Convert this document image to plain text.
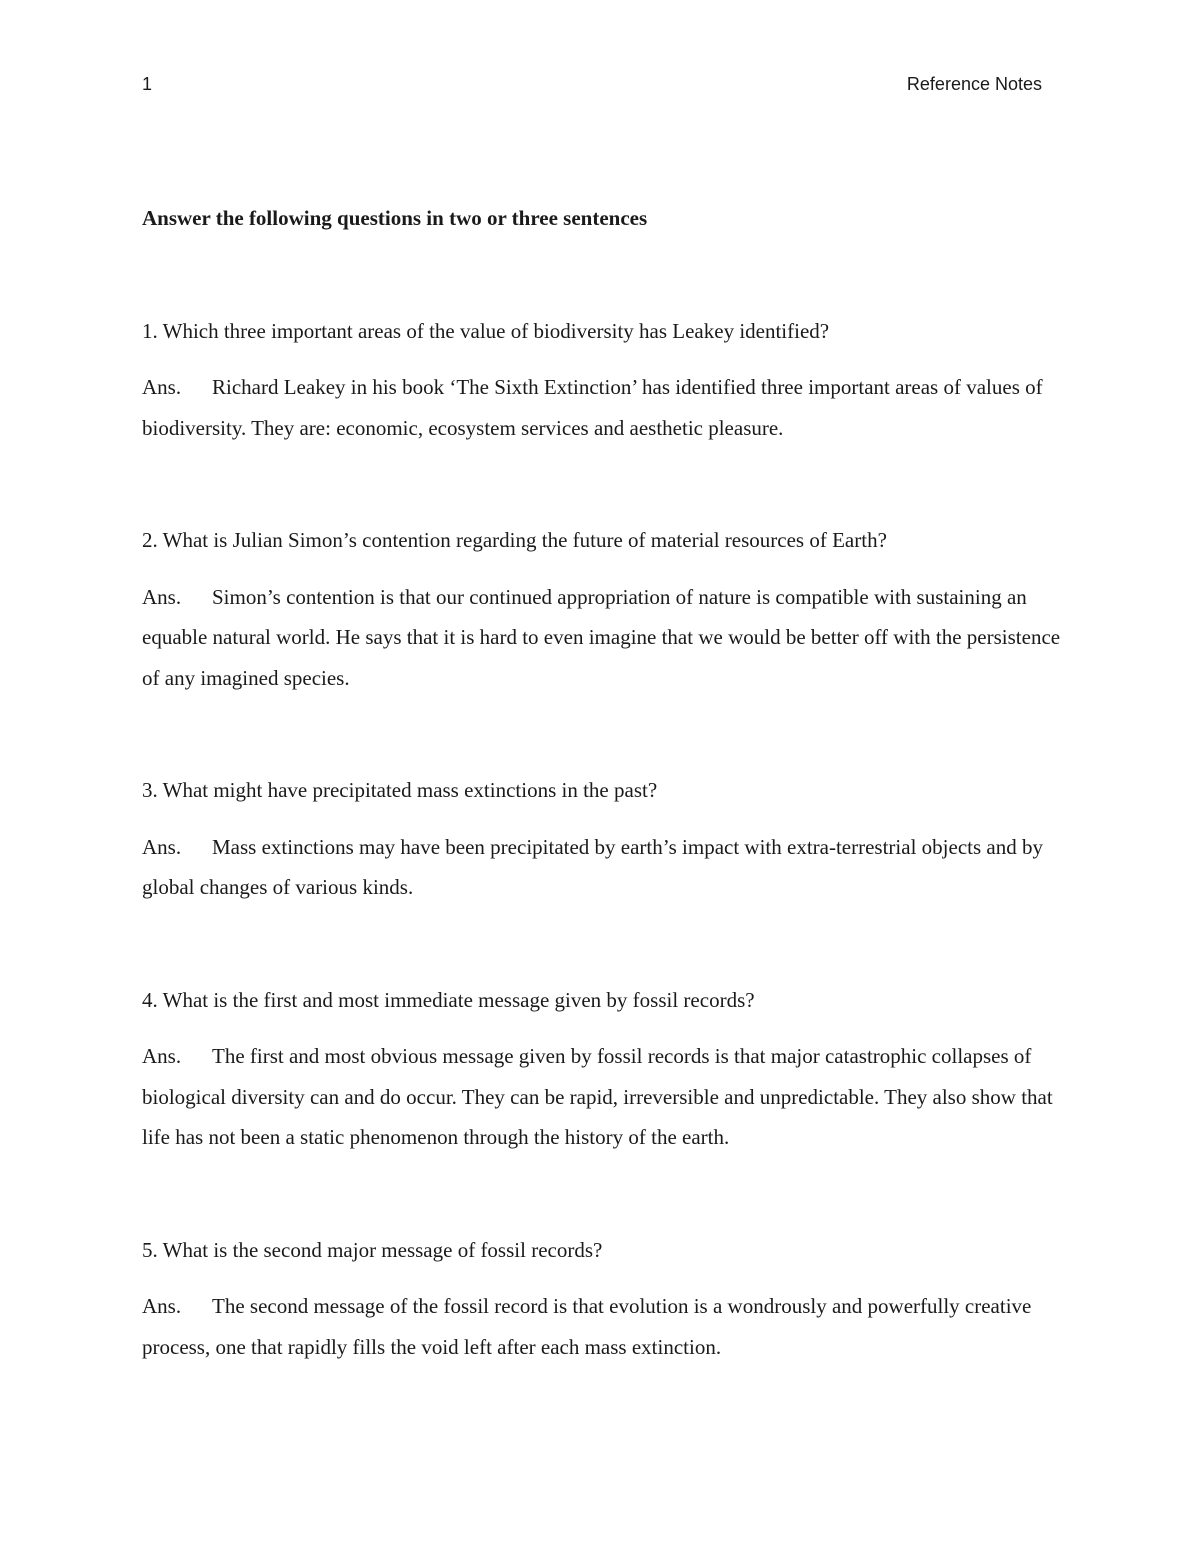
1	Reference Notes

Answer the following questions in two or three sentences

1. Which three important areas of the value of biodiversity has Leakey identified?

Ans. Richard Leakey in his book ‘The Sixth Extinction’ has identified three important areas of values of biodiversity. They are: economic, ecosystem services and aesthetic pleasure.

2. What is Julian Simon’s contention regarding the future of material resources of Earth?

Ans. Simon’s contention is that our continued appropriation of nature is compatible with sustaining an equable natural world. He says that it is hard to even imagine that we would be better off with the persistence of any imagined species.

3. What might have precipitated mass extinctions in the past?

Ans. Mass extinctions may have been precipitated by earth’s impact with extra-terrestrial objects and by global changes of various kinds.

4. What is the first and most immediate message given by fossil records?

Ans. The first and most obvious message given by fossil records is that major catastrophic collapses of biological diversity can and do occur. They can be rapid, irreversible and unpredictable. They also show that life has not been a static phenomenon through the history of the earth.

5. What is the second major message of fossil records?

Ans. The second message of the fossil record is that evolution is a wondrously and powerfully creative process, one that rapidly fills the void left after each mass extinction.
